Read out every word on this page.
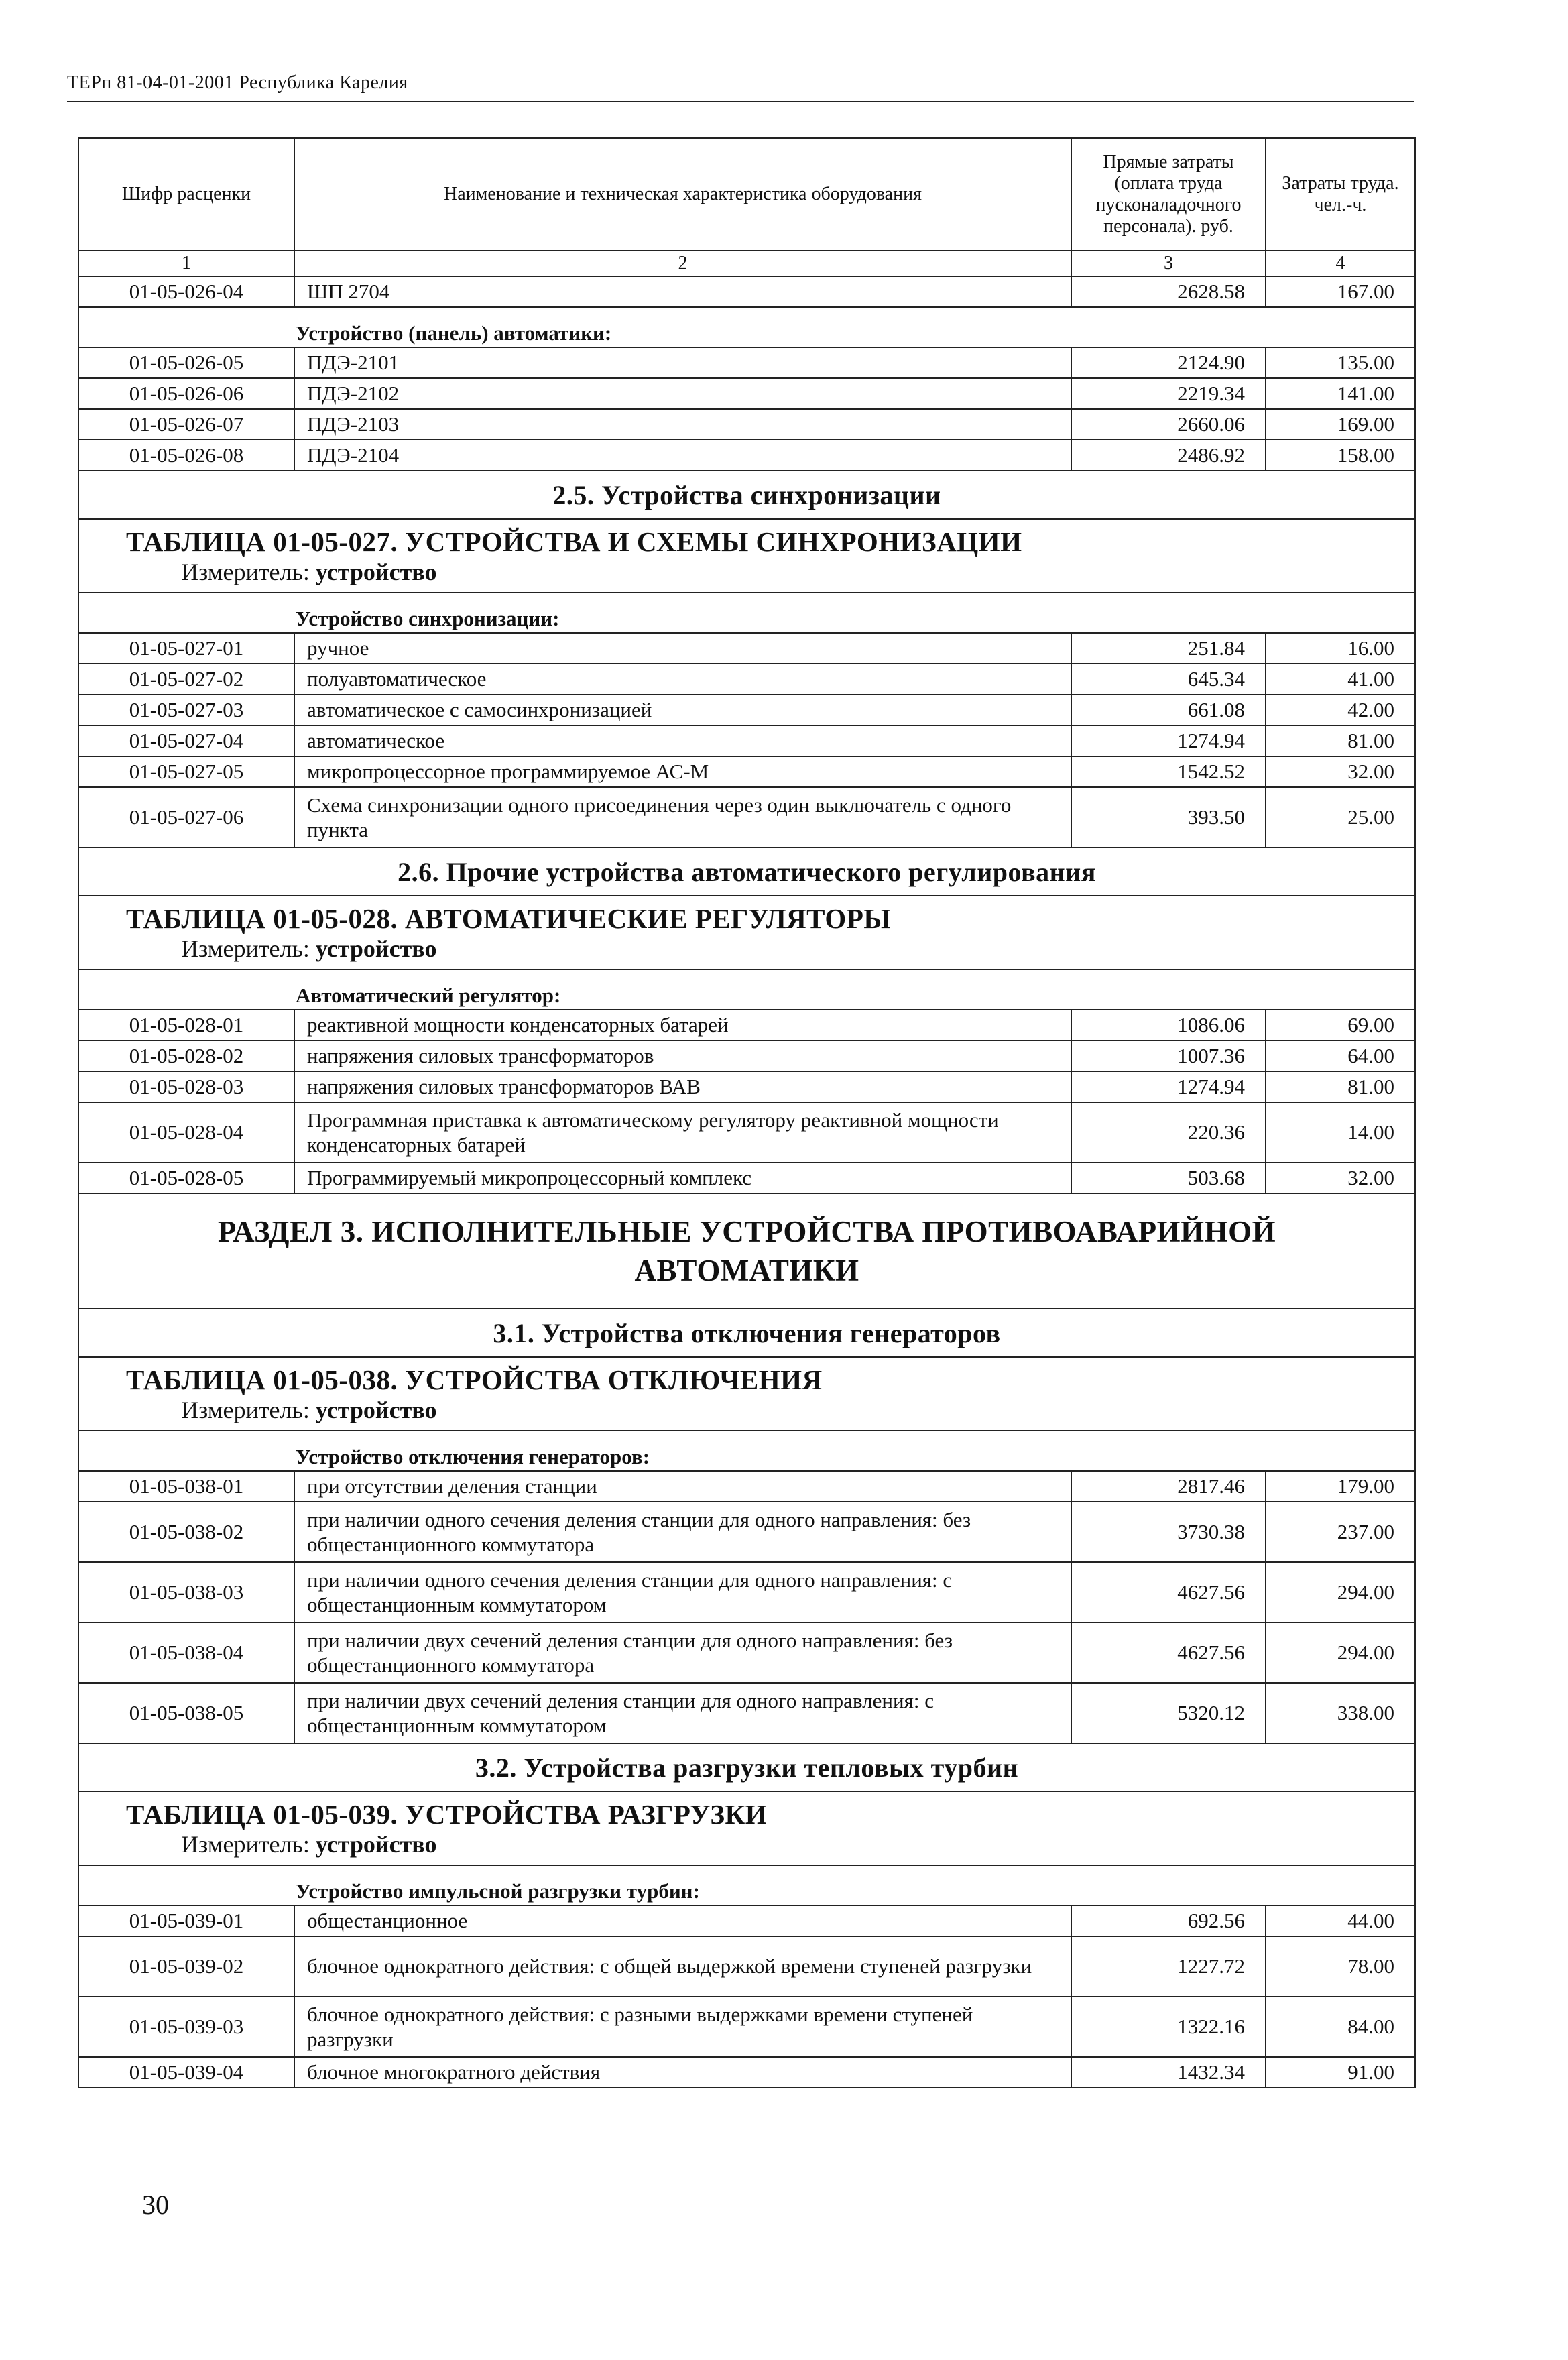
ТЕРп 81-04-01-2001 Республика Карелия
Шифр расценки	Наименование и техническая характеристика оборудования	Прямые затраты (оплата труда пусконаладочного персонала). руб.	Затраты труда. чел.-ч.
1	2	3	4
01-05-026-04	ШП 2704	2628.58	167.00
Устройство (панель) автоматики:			
01-05-026-05	ПДЭ-2101	2124.90	135.00
01-05-026-06	ПДЭ-2102	2219.34	141.00
01-05-026-07	ПДЭ-2103	2660.06	169.00
01-05-026-08	ПДЭ-2104	2486.92	158.00
2.5. Устройства синхронизации			

ТАБЛИЦА 01-05-027. УСТРОЙСТВА И СХЕМЫ СИНХРОНИЗАЦИИ
Измеритель: устройство			

Устройство синхронизации:			
01-05-027-01	ручное	251.84	16.00
01-05-027-02	полуавтоматическое	645.34	41.00
01-05-027-03	автоматическое с самосинхронизацией	661.08	42.00
01-05-027-04	автоматическое	1274.94	81.00
01-05-027-05	микропроцессорное программируемое АС-М	1542.52	32.00
01-05-027-06	Схема синхронизации одного присоединения через один выключатель с одного пункта	393.50	25.00
2.6. Прочие устройства автоматического регулирования			

ТАБЛИЦА 01-05-028. АВТОМАТИЧЕСКИЕ РЕГУЛЯТОРЫ
Измеритель: устройство			

Автоматический регулятор:			
01-05-028-01	реактивной мощности конденсаторных батарей	1086.06	69.00
01-05-028-02	напряжения силовых трансформаторов	1007.36	64.00
01-05-028-03	напряжения силовых трансформаторов ВАВ	1274.94	81.00
01-05-028-04	Программная приставка к автоматическому регулятору реактивной мощности конденсаторных батарей	220.36	14.00
01-05-028-05	Программируемый микропроцессорный комплекс	503.68	32.00

РАЗДЕЛ 3. ИСПОЛНИТЕЛЬНЫЕ УСТРОЙСТВА ПРОТИВОАВАРИЙНОЙ
АВТОМАТИКИ			

3.1. Устройства отключения генераторов			

ТАБЛИЦА 01-05-038. УСТРОЙСТВА ОТКЛЮЧЕНИЯ
Измеритель: устройство			

Устройство отключения генераторов:			
01-05-038-01	при отсутствии деления станции	2817.46	179.00
01-05-038-02	при наличии одного сечения деления станции для одного направления: без общестанционного коммутатора	3730.38	237.00
01-05-038-03	при наличии одного сечения деления станции для одного направления: с общестанционным коммутатором	4627.56	294.00
01-05-038-04	при наличии двух сечений деления станции для одного направления: без общестанционного коммутатора	4627.56	294.00
01-05-038-05	при наличии двух сечений деления станции для одного направления: с общестанционным коммутатором	5320.12	338.00
3.2. Устройства разгрузки тепловых турбин			

ТАБЛИЦА 01-05-039. УСТРОЙСТВА РАЗГРУЗКИ
Измеритель: устройство			

Устройство импульсной разгрузки турбин:			
01-05-039-01	общестанционное	692.56	44.00
01-05-039-02	блочное однократного действия: с общей выдержкой времени ступеней разгрузки	1227.72	78.00
01-05-039-03	блочное однократного действия: с разными выдержками времени ступеней разгрузки	1322.16	84.00
01-05-039-04	блочное многократного действия	1432.34	91.00
30
